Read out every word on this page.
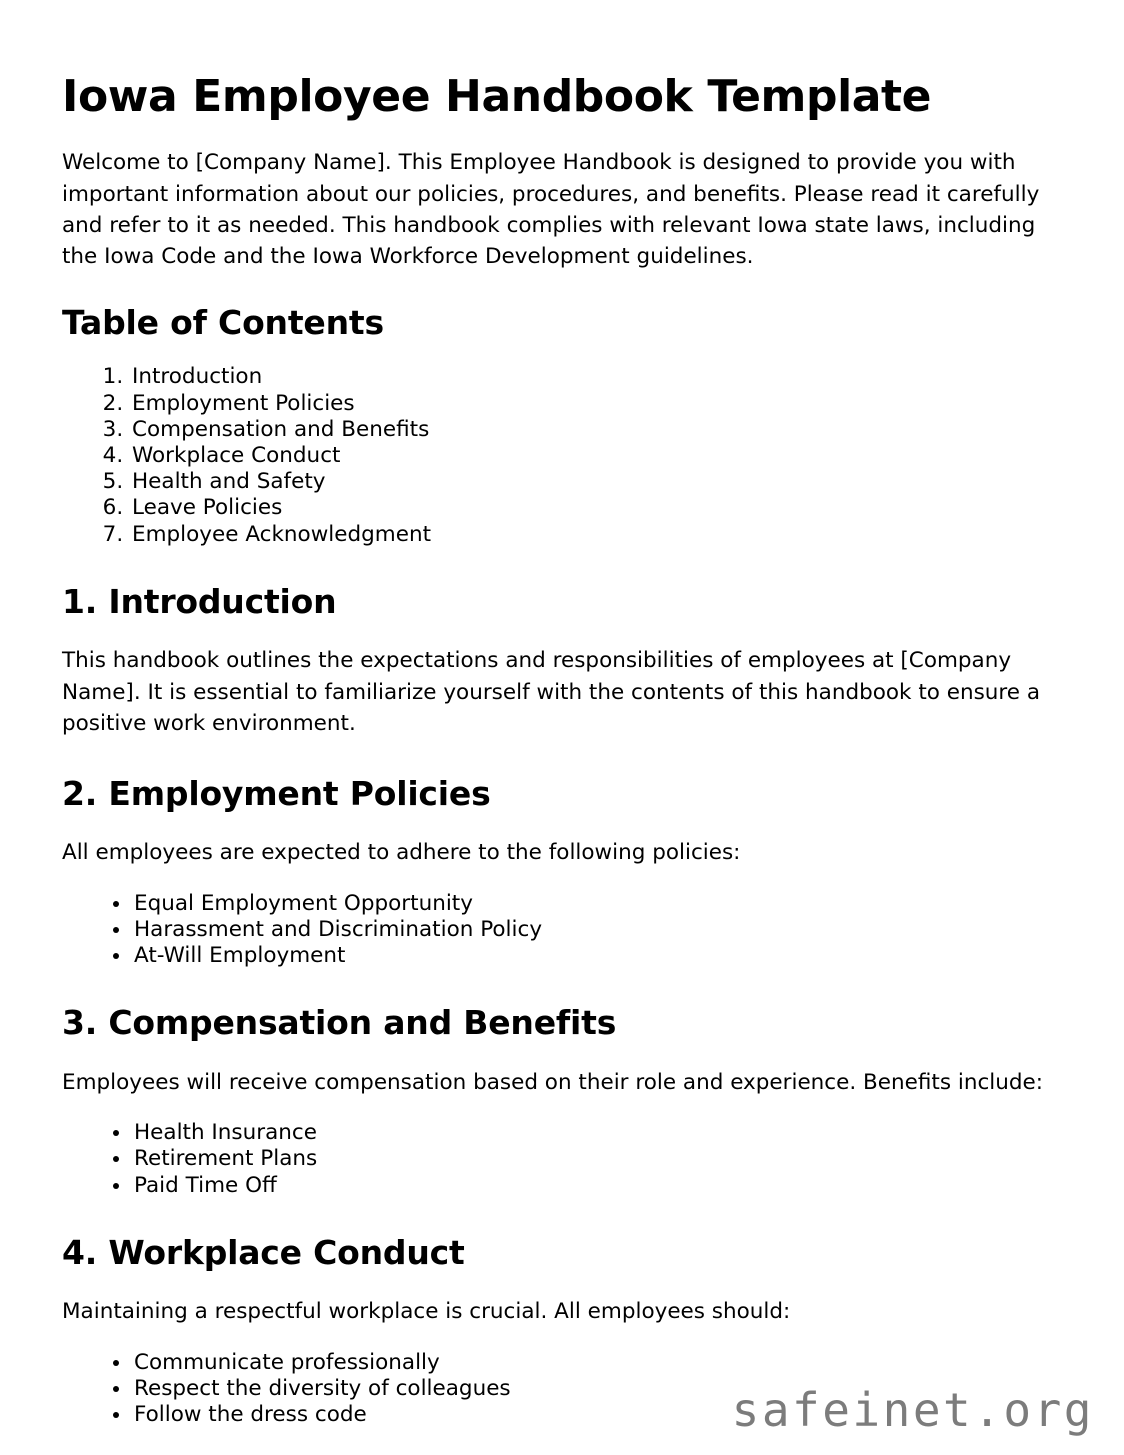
Iowa Employee Handbook Template

Welcome to [Company Name]. This Employee Handbook is designed to provide you with important information about our policies, procedures, and benefits. Please read it carefully and refer to it as needed. This handbook complies with relevant Iowa state laws, including the Iowa Code and the Iowa Workforce Development guidelines.

Table of Contents
1. Introduction
2. Employment Policies
3. Compensation and Benefits
4. Workplace Conduct
5. Health and Safety
6. Leave Policies
7. Employee Acknowledgment
1. Introduction

This handbook outlines the expectations and responsibilities of employees at [Company Name]. It is essential to familiarize yourself with the contents of this handbook to ensure a positive work environment.

2. Employment Policies

All employees are expected to adhere to the following policies:

• Equal Employment Opportunity
• Harassment and Discrimination Policy
• At-Will Employment
3. Compensation and Benefits

Employees will receive compensation based on their role and experience. Benefits include:

• Health Insurance
• Retirement Plans
• Paid Time Off
4. Workplace Conduct

Maintaining a respectful workplace is crucial. All employees should:

• Communicate professionally
• Respect the diversity of colleagues
• Follow the dress code	safeinet.org
